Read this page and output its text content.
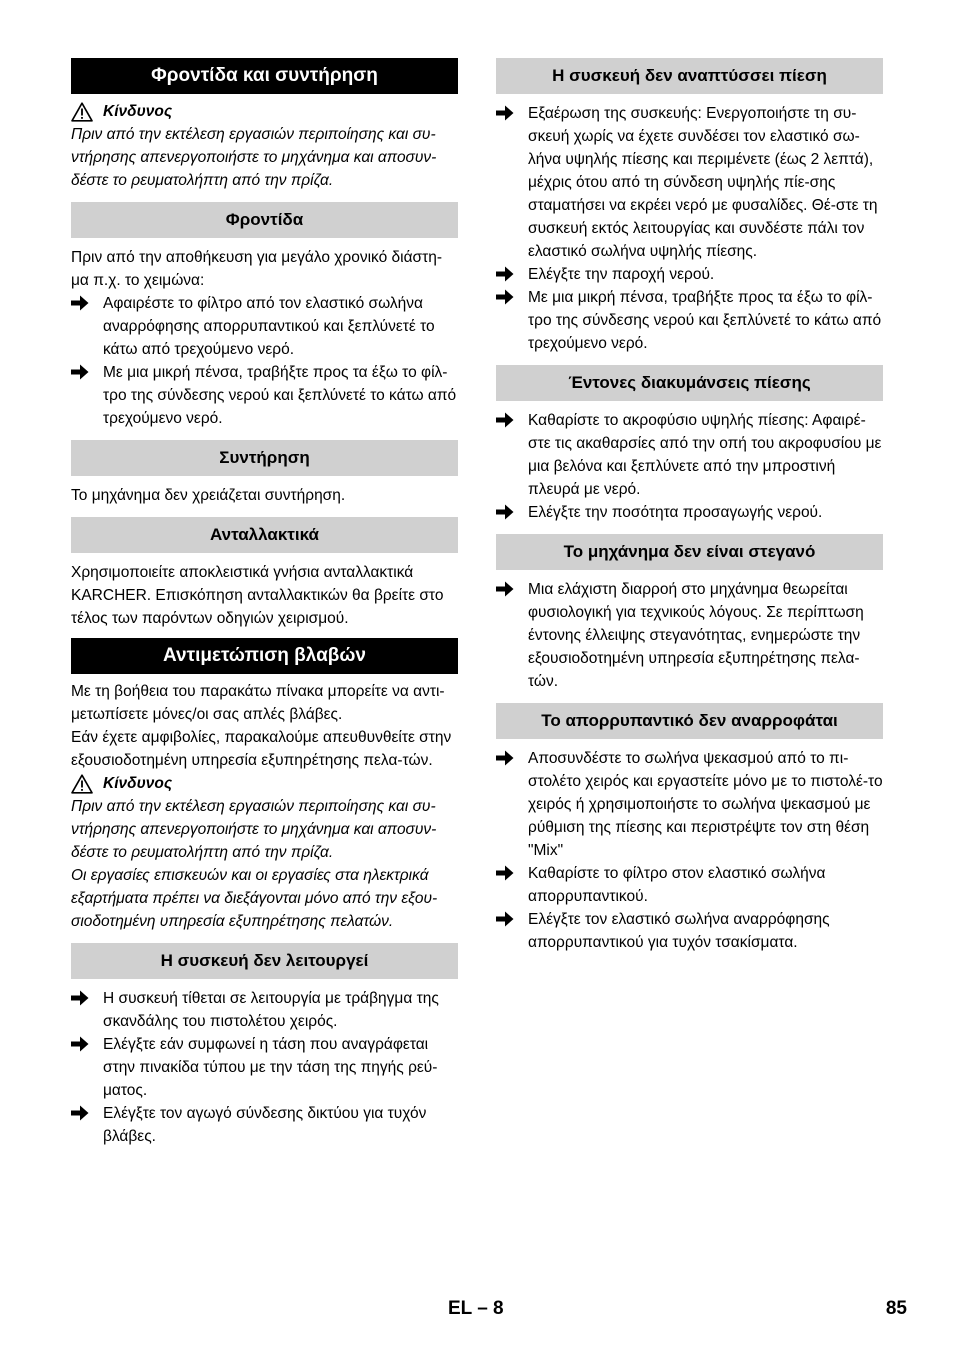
Φροντίδα και συντήρηση
Κίνδυνος

Πριν από την εκτέλεση εργασιών περιποίησης και συ-ντήρησης απενεργοποιήστε το μηχάνημα και αποσυν-δέστε το ρευματολήπτη από την πρίζα.

Φροντίδα

Πριν από την αποθήκευση για μεγάλο χρονικό διάστη-μα π.χ. το χειμώνα:

Αφαιρέστε το φίλτρο από τον ελαστικό σωλήνα αναρρόφησης απορρυπαντικού και ξεπλύνετέ το κάτω από τρεχούμενο νερό.
Με μια μικρή πένσα, τραβήξτε προς τα έξω το φίλ-τρο της σύνδεσης νερού και ξεπλύνετέ το κάτω από τρεχούμενο νερό.
Συντήρηση

Το μηχάνημα δεν χρειάζεται συντήρηση.

Ανταλλακτικά

Χρησιμοποιείτε αποκλειστικά γνήσια ανταλλακτικά KARCHER. Επισκόπηση ανταλλακτικών θα βρείτε στο τέλος των παρόντων οδηγιών χειρισμού.

Αντιμετώπιση βλαβών

Με τη βοήθεια του παρακάτω πίνακα μπορείτε να αντι-μετωπίσετε μόνες/οι σας απλές βλάβες.

Εάν έχετε αμφιβολίες, παρακαλούμε απευθυνθείτε στην εξουσιοδοτημένη υπηρεσία εξυπηρέτησης πελα-τών.

Κίνδυνος

Πριν από την εκτέλεση εργασιών περιποίησης και συ-ντήρησης απενεργοποιήστε το μηχάνημα και αποσυν-δέστε το ρευματολήπτη από την πρίζα.

Οι εργασίες επισκευών και οι εργασίες στα ηλεκτρικά εξαρτήματα πρέπει να διεξάγονται μόνο από την εξου-σιοδοτημένη υπηρεσία εξυπηρέτησης πελατών.

Η συσκευή δεν λειτουργεί
Η συσκευή τίθεται σε λειτουργία με τράβηγμα της σκανδάλης του πιστολέτου χειρός.
Ελέγξτε εάν συμφωνεί η τάση που αναγράφεται στην πινακίδα τύπου με την τάση της πηγής ρεύ-ματος.
Ελέγξτε τον αγωγό σύνδεσης δικτύου για τυχόν βλάβες.
Η συσκευή δεν αναπτύσσει πίεση
Εξαέρωση της συσκευής: Ενεργοποιήστε τη συ-σκευή χωρίς να έχετε συνδέσει τον ελαστικό σω-λήνα υψηλής πίεσης και περιμένετε (έως 2 λεπτά), μέχρις ότου από τη σύνδεση υψηλής πίε-σης σταματήσει να εκρέει νερό με φυσαλίδες. Θέ-στε τη συσκευή εκτός λειτουργίας και συνδέστε πάλι τον ελαστικό σωλήνα υψηλής πίεσης.
Ελέγξτε την παροχή νερού.
Με μια μικρή πένσα, τραβήξτε προς τα έξω το φίλ-τρο της σύνδεσης νερού και ξεπλύνετέ το κάτω από τρεχούμενο νερό.
Έντονες διακυμάνσεις πίεσης
Καθαρίστε το ακροφύσιο υψηλής πίεσης: Αφαιρέ-στε τις ακαθαρσίες από την οπή του ακροφυσίου με μια βελόνα και ξεπλύνετε από την μπροστινή πλευρά με νερό.
Ελέγξτε την ποσότητα προσαγωγής νερού.
Το μηχάνημα δεν είναι στεγανό
Μια ελάχιστη διαρροή στο μηχάνημα θεωρείται φυσιολογική για τεχνικούς λόγους. Σε περίπτωση έντονης έλλειψης στεγανότητας, ενημερώστε την εξουσιοδοτημένη υπηρεσία εξυπηρέτησης πελα-τών.
Το απορρυπαντικό δεν αναρροφάται
Αποσυνδέστε το σωλήνα ψεκασμού από το πι-στολέτο χειρός και εργαστείτε μόνο με το πιστολέ-το χειρός ή χρησιμοποιήστε το σωλήνα ψεκασμού με ρύθμιση της πίεσης και περιστρέψτε τον στη θέση "Mix"
Καθαρίστε το φίλτρο στον ελαστικό σωλήνα απορρυπαντικού.
Ελέγξτε τον ελαστικό σωλήνα αναρρόφησης απορρυπαντικού για τυχόν τσακίσματα.
EL – 8	85
